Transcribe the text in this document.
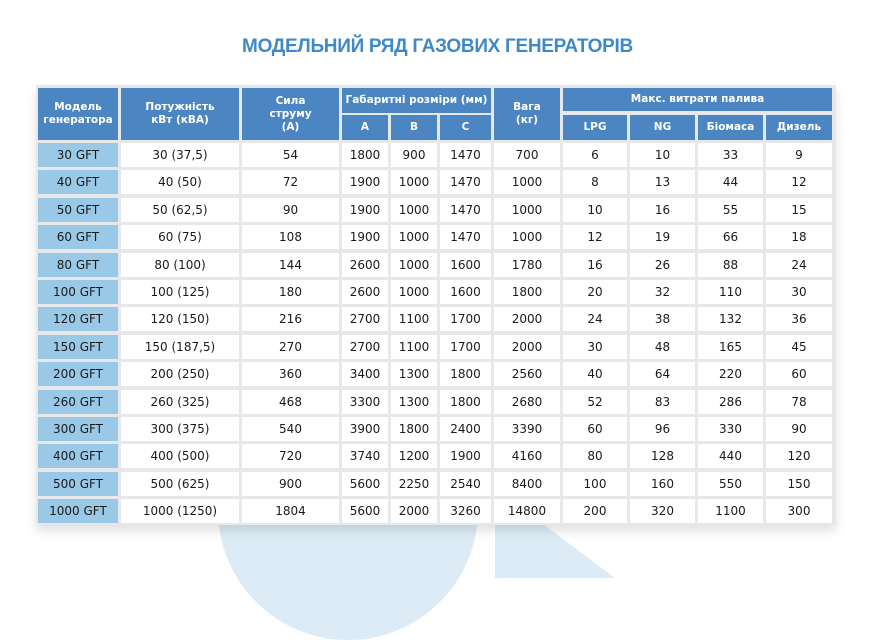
МОДЕЛЬНИЙ РЯД ГАЗОВИХ ГЕНЕРАТОРІВ
Модель генератора
Потужність кВт (кВА)
Сила струму (А)
Габаритні розміри (мм)
A	B	C
Вага (кг)
Макс. витрати палива
LPG	NG	Біомаса	Дизель
30 GFT	30 (37,5)	54	1800	900	1470	700	6	10	33	9
40 GFT	40 (50)	72	1900	1000	1470	1000	8	13	44	12
50 GFT	50 (62,5)	90	1900	1000	1470	1000	10	16	55	15
60 GFT	60 (75)	108	1900	1000	1470	1000	12	19	66	18
80 GFT	80 (100)	144	2600	1000	1600	1780	16	26	88	24
100 GFT	100 (125)	180	2600	1000	1600	1800	20	32	110	30
120 GFT	120 (150)	216	2700	1100	1700	2000	24	38	132	36
150 GFT	150 (187,5)	270	2700	1100	1700	2000	30	48	165	45
200 GFT	200 (250)	360	3400	1300	1800	2560	40	64	220	60
260 GFT	260 (325)	468	3300	1300	1800	2680	52	83	286	78
300 GFT	300 (375)	540	3900	1800	2400	3390	60	96	330	90
400 GFT	400 (500)	720	3740	1200	1900	4160	80	128	440	120
500 GFT	500 (625)	900	5600	2250	2540	8400	100	160	550	150
1000 GFT	1000 (1250)	1804	5600	2000	3260	14800	200	320	1100	300
